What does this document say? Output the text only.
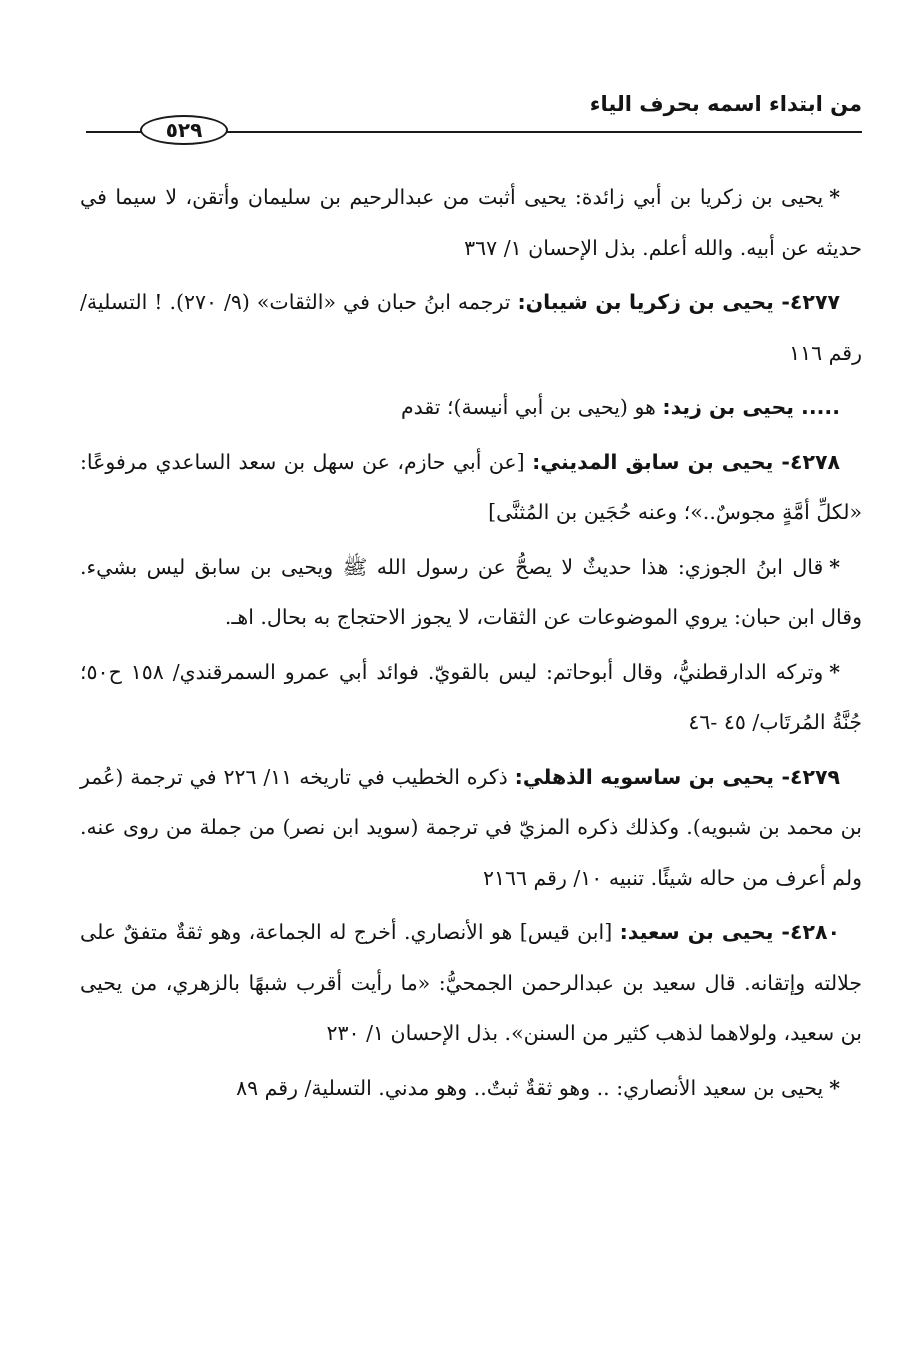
من ابتداء اسمه بحرف الياء
٥٢٩

*يحيى بن زكريا بن أبي زائدة: يحيى أثبت من عبدالرحيم بن سليمان وأتقن، لا سيما في حديثه عن أبيه. والله أعلم. بذل الإحسان ١/ ٣٦٧

٤٢٧٧- يحيى بن زكريا بن شيبان: ترجمه ابنُ حبان في «الثقات» (٩/ ٢٧٠). ! التسلية/ رقم ١١٦

..... يحيى بن زيد: هو (يحيى بن أبي أنيسة)؛ تقدم

٤٢٧٨- يحيى بن سابق المديني: [عن أبي حازم، عن سهل بن سعد الساعدي مرفوعًا: «لكلِّ أمَّةٍ مجوسٌ..»؛ وعنه حُجَين بن المُثنَّى]

*قال ابنُ الجوزي: هذا حديثٌ لا يصحُّ عن رسول الله ﷺ ويحيى بن سابق ليس بشيء. وقال ابن حبان: يروي الموضوعات عن الثقات، لا يجوز الاحتجاج به بحال. اهـ.

*وتركه الدارقطنيُّ، وقال أبوحاتم: ليس بالقويّ. فوائد أبي عمرو السمرقندي/ ١٥٨ ح٥٠؛ جُنَّةُ المُرتَاب/ ٤٥ -٤٦

٤٢٧٩- يحيى بن ساسويه الذهلي: ذكره الخطيب في تاريخه ١١/ ٢٢٦ في ترجمة (عُمر بن محمد بن شبويه). وكذلك ذكره المزيّ في ترجمة (سويد ابن نصر) من جملة من روى عنه. ولم أعرف من حاله شيئًا. تنبيه ١٠/ رقم ٢١٦٦

٤٢٨٠- يحيى بن سعيد: [ابن قيس] هو الأنصاري. أخرج له الجماعة، وهو ثقةٌ متفقٌ على جلالته وإتقانه. قال سعيد بن عبدالرحمن الجمحيُّ: «ما رأيت أقرب شبهًا بالزهري، من يحيى بن سعيد، ولولاهما لذهب كثير من السنن». بذل الإحسان ١/ ٢٣٠

*يحيى بن سعيد الأنصاري: .. وهو ثقةٌ ثبتٌ.. وهو مدني. التسلية/ رقم ٨٩
